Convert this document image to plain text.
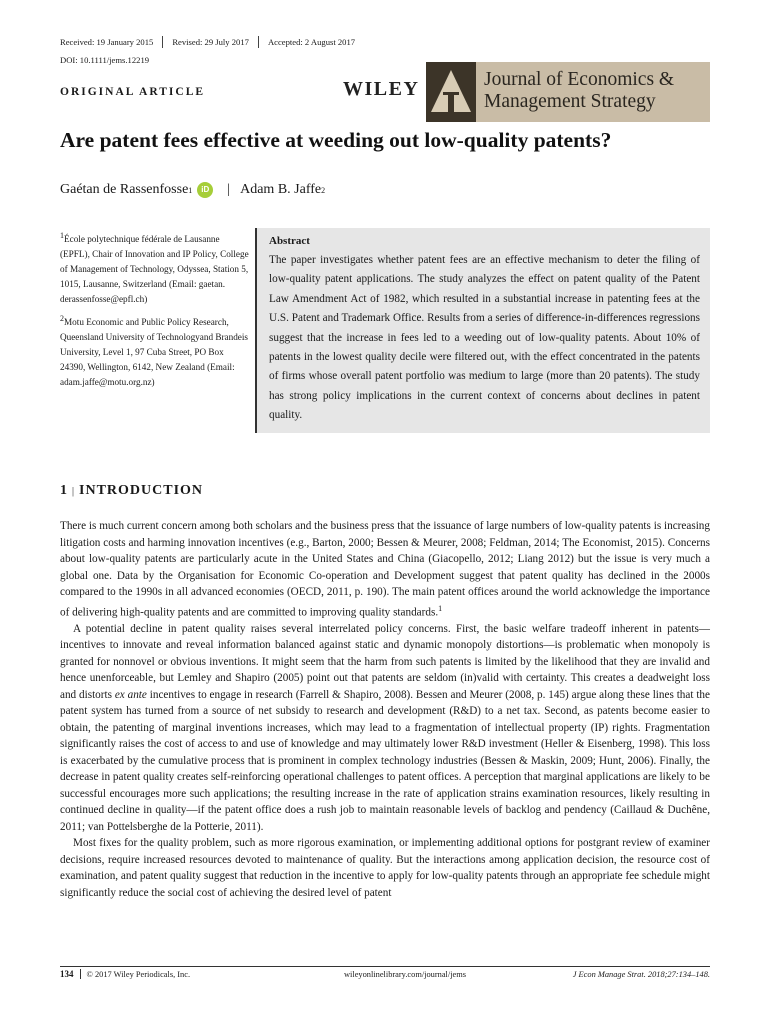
Received: 19 January 2015	Revised: 29 July 2017	Accepted: 2 August 2017
DOI: 10.1111/jems.12219
ORIGINAL ARTICLE	WILEY	Journal of Economics &
Management Strategy
Are patent fees effective at weeding out low-quality patents?
Gaétan de Rassenfosse 1	iD | Adam B. Jaffe 2

$^1$École polytechnique fédérale de Lausanne (EPFL), Chair of Innovation and IP Policy, College of Management of Technology, Odyssea, Station 5, 1015, Lausanne, Switzerland (Email: gaetan. derassenfosse@epfl.ch)

$^2$Motu Economic and Public Policy Research, Queensland University of Technologyand Brandeis University, Level 1, 97 Cuba Street, PO Box 24390, Wellington, 6142, New Zealand (Email: adam.jaffe@motu.org.nz)

Abstract
The paper investigates whether patent fees are an effective mechanism to deter the filing of low-quality patent applications. The study analyzes the effect on patent quality of the Patent Law Amendment Act of 1982, which resulted in a substantial increase in patenting fees at the U.S. Patent and Trademark Office. Results from a series of difference-in-differences regressions suggest that the increase in fees led to a weeding out of low-quality patents. About 10% of patents in the lowest quality decile were filtered out, with the effect concentrated in the patents of firms whose overall patent portfolio was medium to large (more than 20 patents). The study has strong policy implications in the current context of concerns about declines in patent quality.
1 | INTRODUCTION

There is much current concern among both scholars and the business press that the issuance of large numbers of low-quality patents is increasing litigation costs and harming innovation incentives (e.g., Barton, 2000; Bessen & Meurer, 2008; Feldman, 2014; The Economist, 2015). Concerns about low-quality patents are particularly acute in the United States and China (Giacopello, 2012; Liang 2012) but the issue is very much a global one. Data by the Organisation for Economic Co-operation and Development suggest that patent quality has declined in the 2000s compared to the 1990s in all advanced economies (OECD, 2011, p. 190). The main patent offices around the world acknowledge the importance of delivering high-quality patents and are committed to improving quality standards.$^1$

A potential decline in patent quality raises several interrelated policy concerns. First, the basic welfare tradeoff inherent in patents—incentives to innovate and reveal information balanced against static and dynamic monopoly distortions—is problematic when monopoly is granted for nonnovel or obvious inventions. It might seem that the harm from such patents is limited by the likelihood that they are invalid and hence unenforceable, but Lemley and Shapiro (2005) point out that patents are seldom (in)valid with certainty. This creates a deadweight loss and distorts ex ante incentives to engage in research (Farrell & Shapiro, 2008). Bessen and Meurer (2008, p. 145) argue along these lines that the patent system has turned from a source of net subsidy to research and development (R&D) to a net tax. Second, as patents become easier to obtain, the patenting of marginal inventions increases, which may lead to a fragmentation of intellectual property (IP) rights. Fragmentation significantly raises the cost of access to and use of knowledge and may ultimately lower R&D investment (Heller & Eisenberg, 1998). This loss is exacerbated by the cumulative process that is prominent in complex technology industries (Bessen & Maskin, 2009; Hunt, 2006). Finally, the decrease in patent quality creates self-reinforcing operational challenges to patent offices. A perception that marginal applications are likely to be successful encourages more such applications; the resulting increase in the rate of application strains examination resources, likely resulting in continued decline in quality—if the patent office does a rush job to maintain reasonable levels of backlog and pendency (Caillaud & Duchêne, 2011; van Pottelsberghe de la Potterie, 2011).

Most fixes for the quality problem, such as more rigorous examination, or implementing additional options for postgrant review of examiner decisions, require increased resources devoted to maintenance of quality. But the interactions among application decision, the resource cost of examination, and patent quality suggest that reduction in the incentive to apply for low-quality patents through an appropriate fee schedule might significantly reduce the social cost of achieving the desired level of patent

134	© 2017 Wiley Periodicals, Inc.	wileyonlinelibrary.com/journal/jems	J Econ Manage Strat. 2018;27:134–148.
